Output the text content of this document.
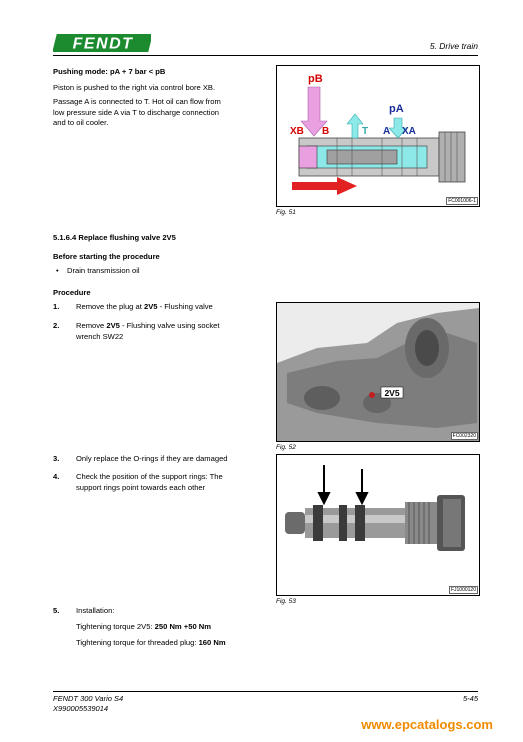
FENDT	5. Drive train
Pushing mode: pA + 7 bar < pB
Piston is pushed to the right via control bore XB.
Passage A is connected to T. Hot oil can flow from
low pressure side A via T to discharge connection
and to oil cooler.
pB
pA
XB B	T A XA
FC001006-1
Fig. 51
5.1.6.4 Replace flushing valve 2V5
Before starting the procedure
• Drain transmission oil
Procedure
1. Remove the plug at 2V5 - Flushing valve
2. Remove 2V5 - Flushing valve using socket
wrench SW22
2V5
FC002320
Fig. 52
3. Only replace the O-rings if they are damaged
4. Check the position of the support rings: The
support rings point towards each other
FJ1000120
Fig. 53
5. Installation:
Tightening torque 2V5: 250 Nm +50 Nm
Tightening torque for threaded plug: 160 Nm
FENDT 300 Vario S4
X990005539014
5-45
www.epcatalogs.com
